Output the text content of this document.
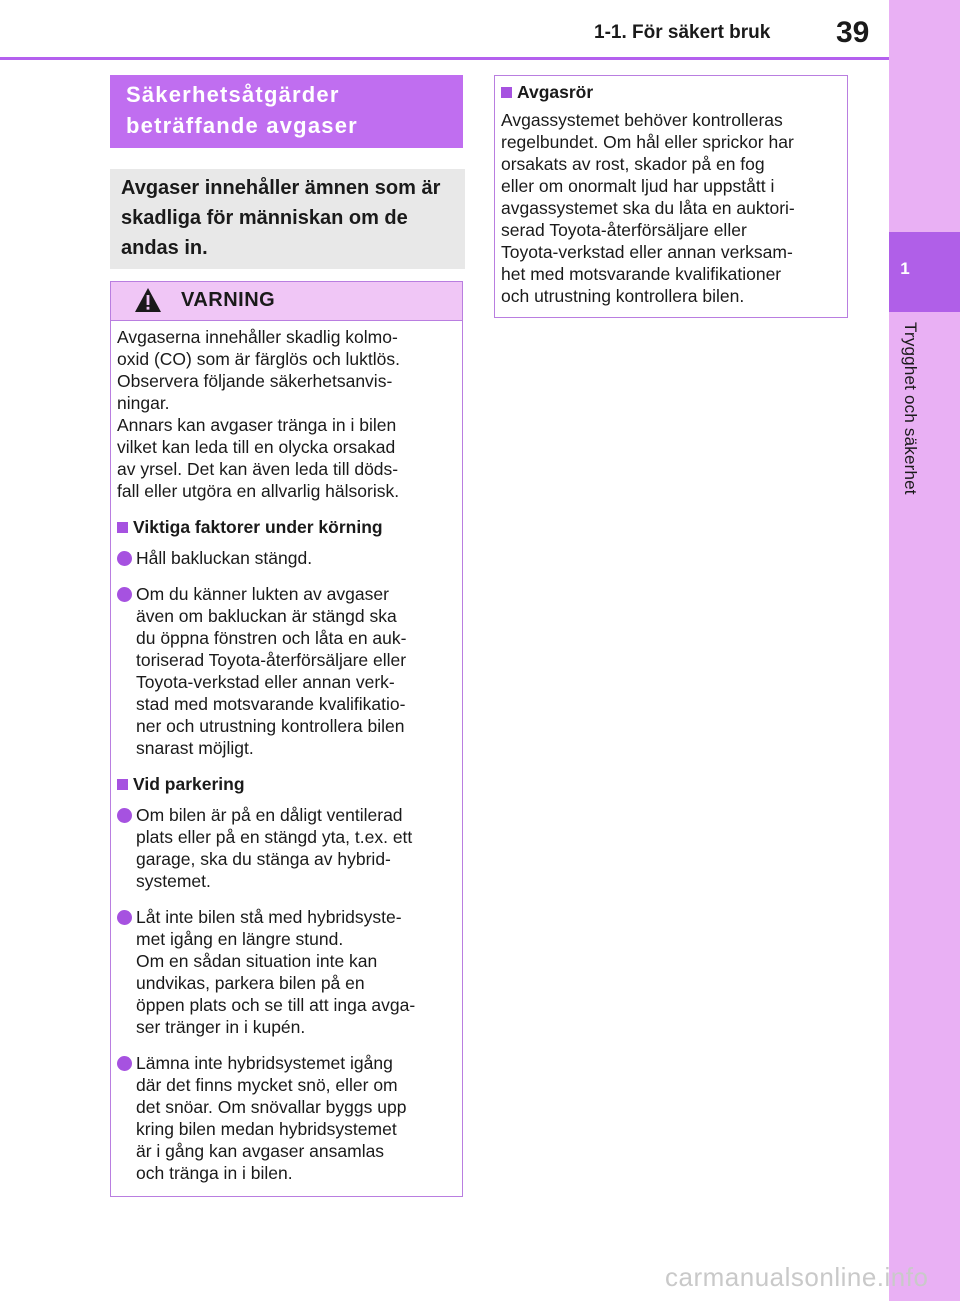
1-1. För säkert bruk 39
1
Trygghet och säkerhet
Säkerhetsåtgärder beträffande avgaser
Avgaser innehåller ämnen som är skadliga för människan om de andas in.
VARNING
Avgaserna innehåller skadlig kolmo-
oxid (CO) som är färglös och luktlös.
Observera följande säkerhetsanvis-
ningar.
Annars kan avgaser tränga in i bilen
vilket kan leda till en olycka orsakad
av yrsel. Det kan även leda till döds-
fall eller utgöra en allvarlig hälsorisk.
Viktiga faktorer under körning
Håll bakluckan stängd.
Om du känner lukten av avgaser
även om bakluckan är stängd ska
du öppna fönstren och låta en auk-
toriserad Toyota-återförsäljare eller
Toyota-verkstad eller annan verk-
stad med motsvarande kvalifikatio-
ner och utrustning kontrollera bilen
snarast möjligt.
Vid parkering
Om bilen är på en dåligt ventilerad
plats eller på en stängd yta, t.ex. ett
garage, ska du stänga av hybrid-
systemet.
Låt inte bilen stå med hybridsyste-
met igång en längre stund.
Om en sådan situation inte kan
undvikas, parkera bilen på en
öppen plats och se till att inga avga-
ser tränger in i kupén.
Lämna inte hybridsystemet igång
där det finns mycket snö, eller om
det snöar. Om snövallar byggs upp
kring bilen medan hybridsystemet
är i gång kan avgaser ansamlas
och tränga in i bilen.
Avgasrör
Avgassystemet behöver kontrolleras
regelbundet. Om hål eller sprickor har
orsakats av rost, skador på en fog
eller om onormalt ljud har uppstått i
avgassystemet ska du låta en auktori-
serad Toyota-återförsäljare eller
Toyota-verkstad eller annan verksam-
het med motsvarande kvalifikationer
och utrustning kontrollera bilen.
carmanualsonline.info
